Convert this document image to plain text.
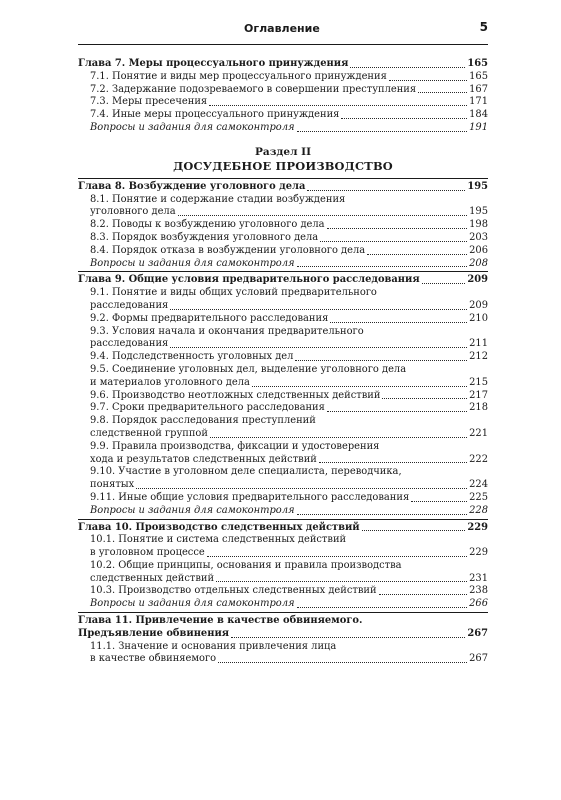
Оглавление	5
Глава 7. Меры процессуального принуждения	165
7.1. Понятие и виды мер процессуального принуждения	165
7.2. Задержание подозреваемого в совершении преступления	167
7.3. Меры пресечения	171
7.4. Иные меры процессуального принуждения	184
Вопросы и задания для самоконтроля	191
Раздел II
ДОСУДЕБНОЕ ПРОИЗВОДСТВО
Глава 8. Возбуждение уголовного дела	195
8.1. Понятие и содержание стадии возбуждения
уголовного дела	195
8.2. Поводы к возбуждению уголовного дела	198
8.3. Порядок возбуждения уголовного дела	203
8.4. Порядок отказа в возбуждении уголовного дела	206
Вопросы и задания для самоконтроля	208
Глава 9. Общие условия предварительного расследования	209
9.1. Понятие и виды общих условий предварительного
расследования	209
9.2. Формы предварительного расследования	210
9.3. Условия начала и окончания предварительного
расследования	211
9.4. Подследственность уголовных дел	212
9.5. Соединение уголовных дел, выделение уголовного дела
и материалов уголовного дела	215
9.6. Производство неотложных следственных действий	217
9.7. Сроки предварительного расследования	218
9.8. Порядок расследования преступлений
следственной группой	221
9.9. Правила производства, фиксации и удостоверения
хода и результатов следственных действий	222
9.10. Участие в уголовном деле специалиста, переводчика,
понятых	224
9.11. Иные общие условия предварительного расследования	225
Вопросы и задания для самоконтроля	228
Глава 10. Производство следственных действий	229
10.1. Понятие и система следственных действий
в уголовном процессе	229
10.2. Общие принципы, основания и правила производства
следственных действий	231
10.3. Производство отдельных следственных действий	238
Вопросы и задания для самоконтроля	266
Глава 11. Привлечение в качестве обвиняемого.
Предъявление обвинения	267
11.1. Значение и основания привлечения лица
в качестве обвиняемого	267
